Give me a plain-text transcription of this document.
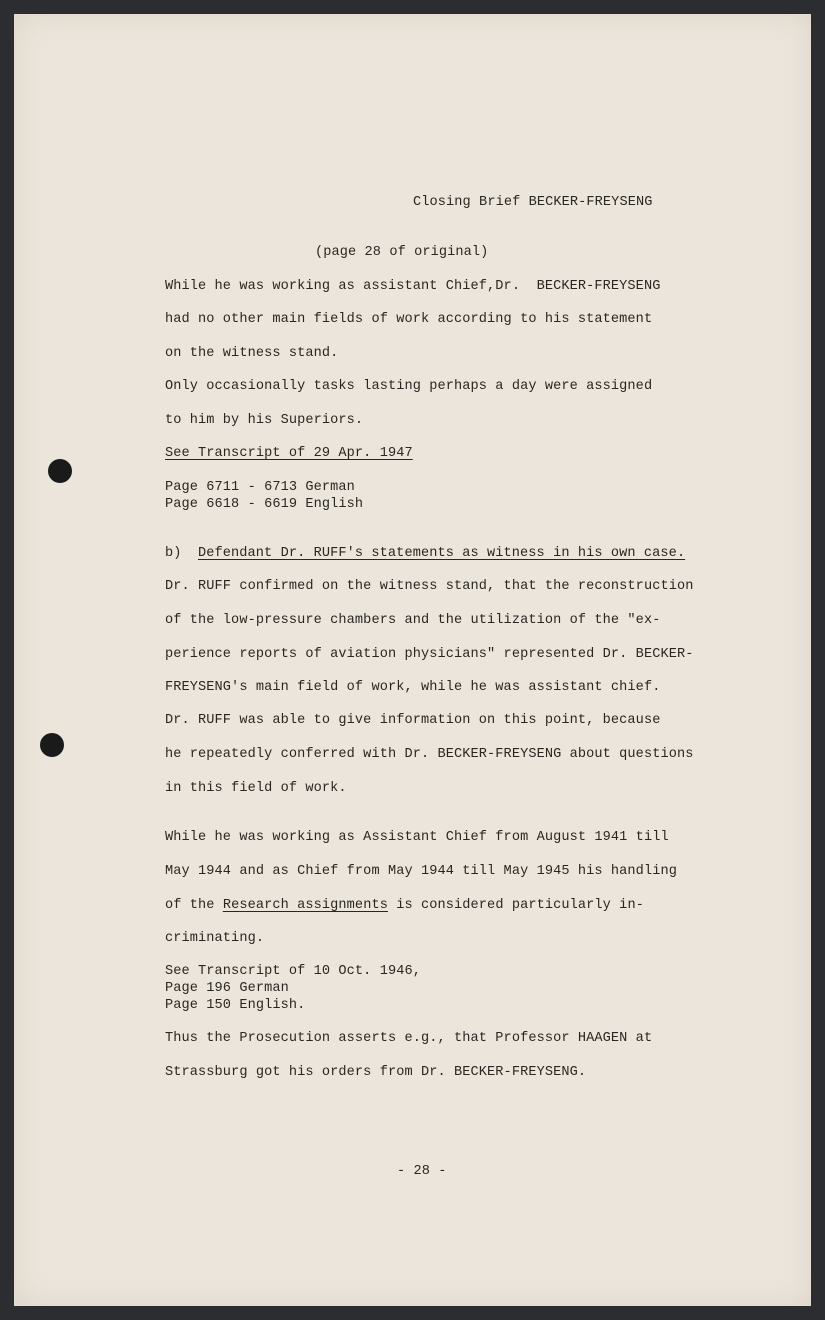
Closing Brief BECKER-FREYSENG
(page 28 of original)
While he was working as assistant Chief,Dr.  BECKER-FREYSENG
had no other main fields of work according to his statement
on the witness stand.
Only occasionally tasks lasting perhaps a day were assigned
to him by his Superiors.
See Transcript of 29 Apr. 1947
Page 6711 - 6713 German
Page 6618 - 6619 English
b) Defendant Dr. RUFF's statements as witness in his own case.
Dr. RUFF confirmed on the witness stand, that the reconstruction
of the low-pressure chambers and the utilization of the "ex-
perience reports of aviation physicians" represented Dr. BECKER-
FREYSENG's main field of work, while he was assistant chief.
Dr. RUFF was able to give information on this point, because
he repeatedly conferred with Dr. BECKER-FREYSENG about questions
in this field of work.
While he was working as Assistant Chief from August 1941 till
May 1944 and as Chief from May 1944 till May 1945 his handling
of the Research assignments is considered particularly in-
criminating.
See Transcript of 10 Oct. 1946,
Page 196 German
Page 150 English.
Thus the Prosecution asserts e.g., that Professor HAAGEN at
Strassburg got his orders from Dr. BECKER-FREYSENG.
- 28 -
